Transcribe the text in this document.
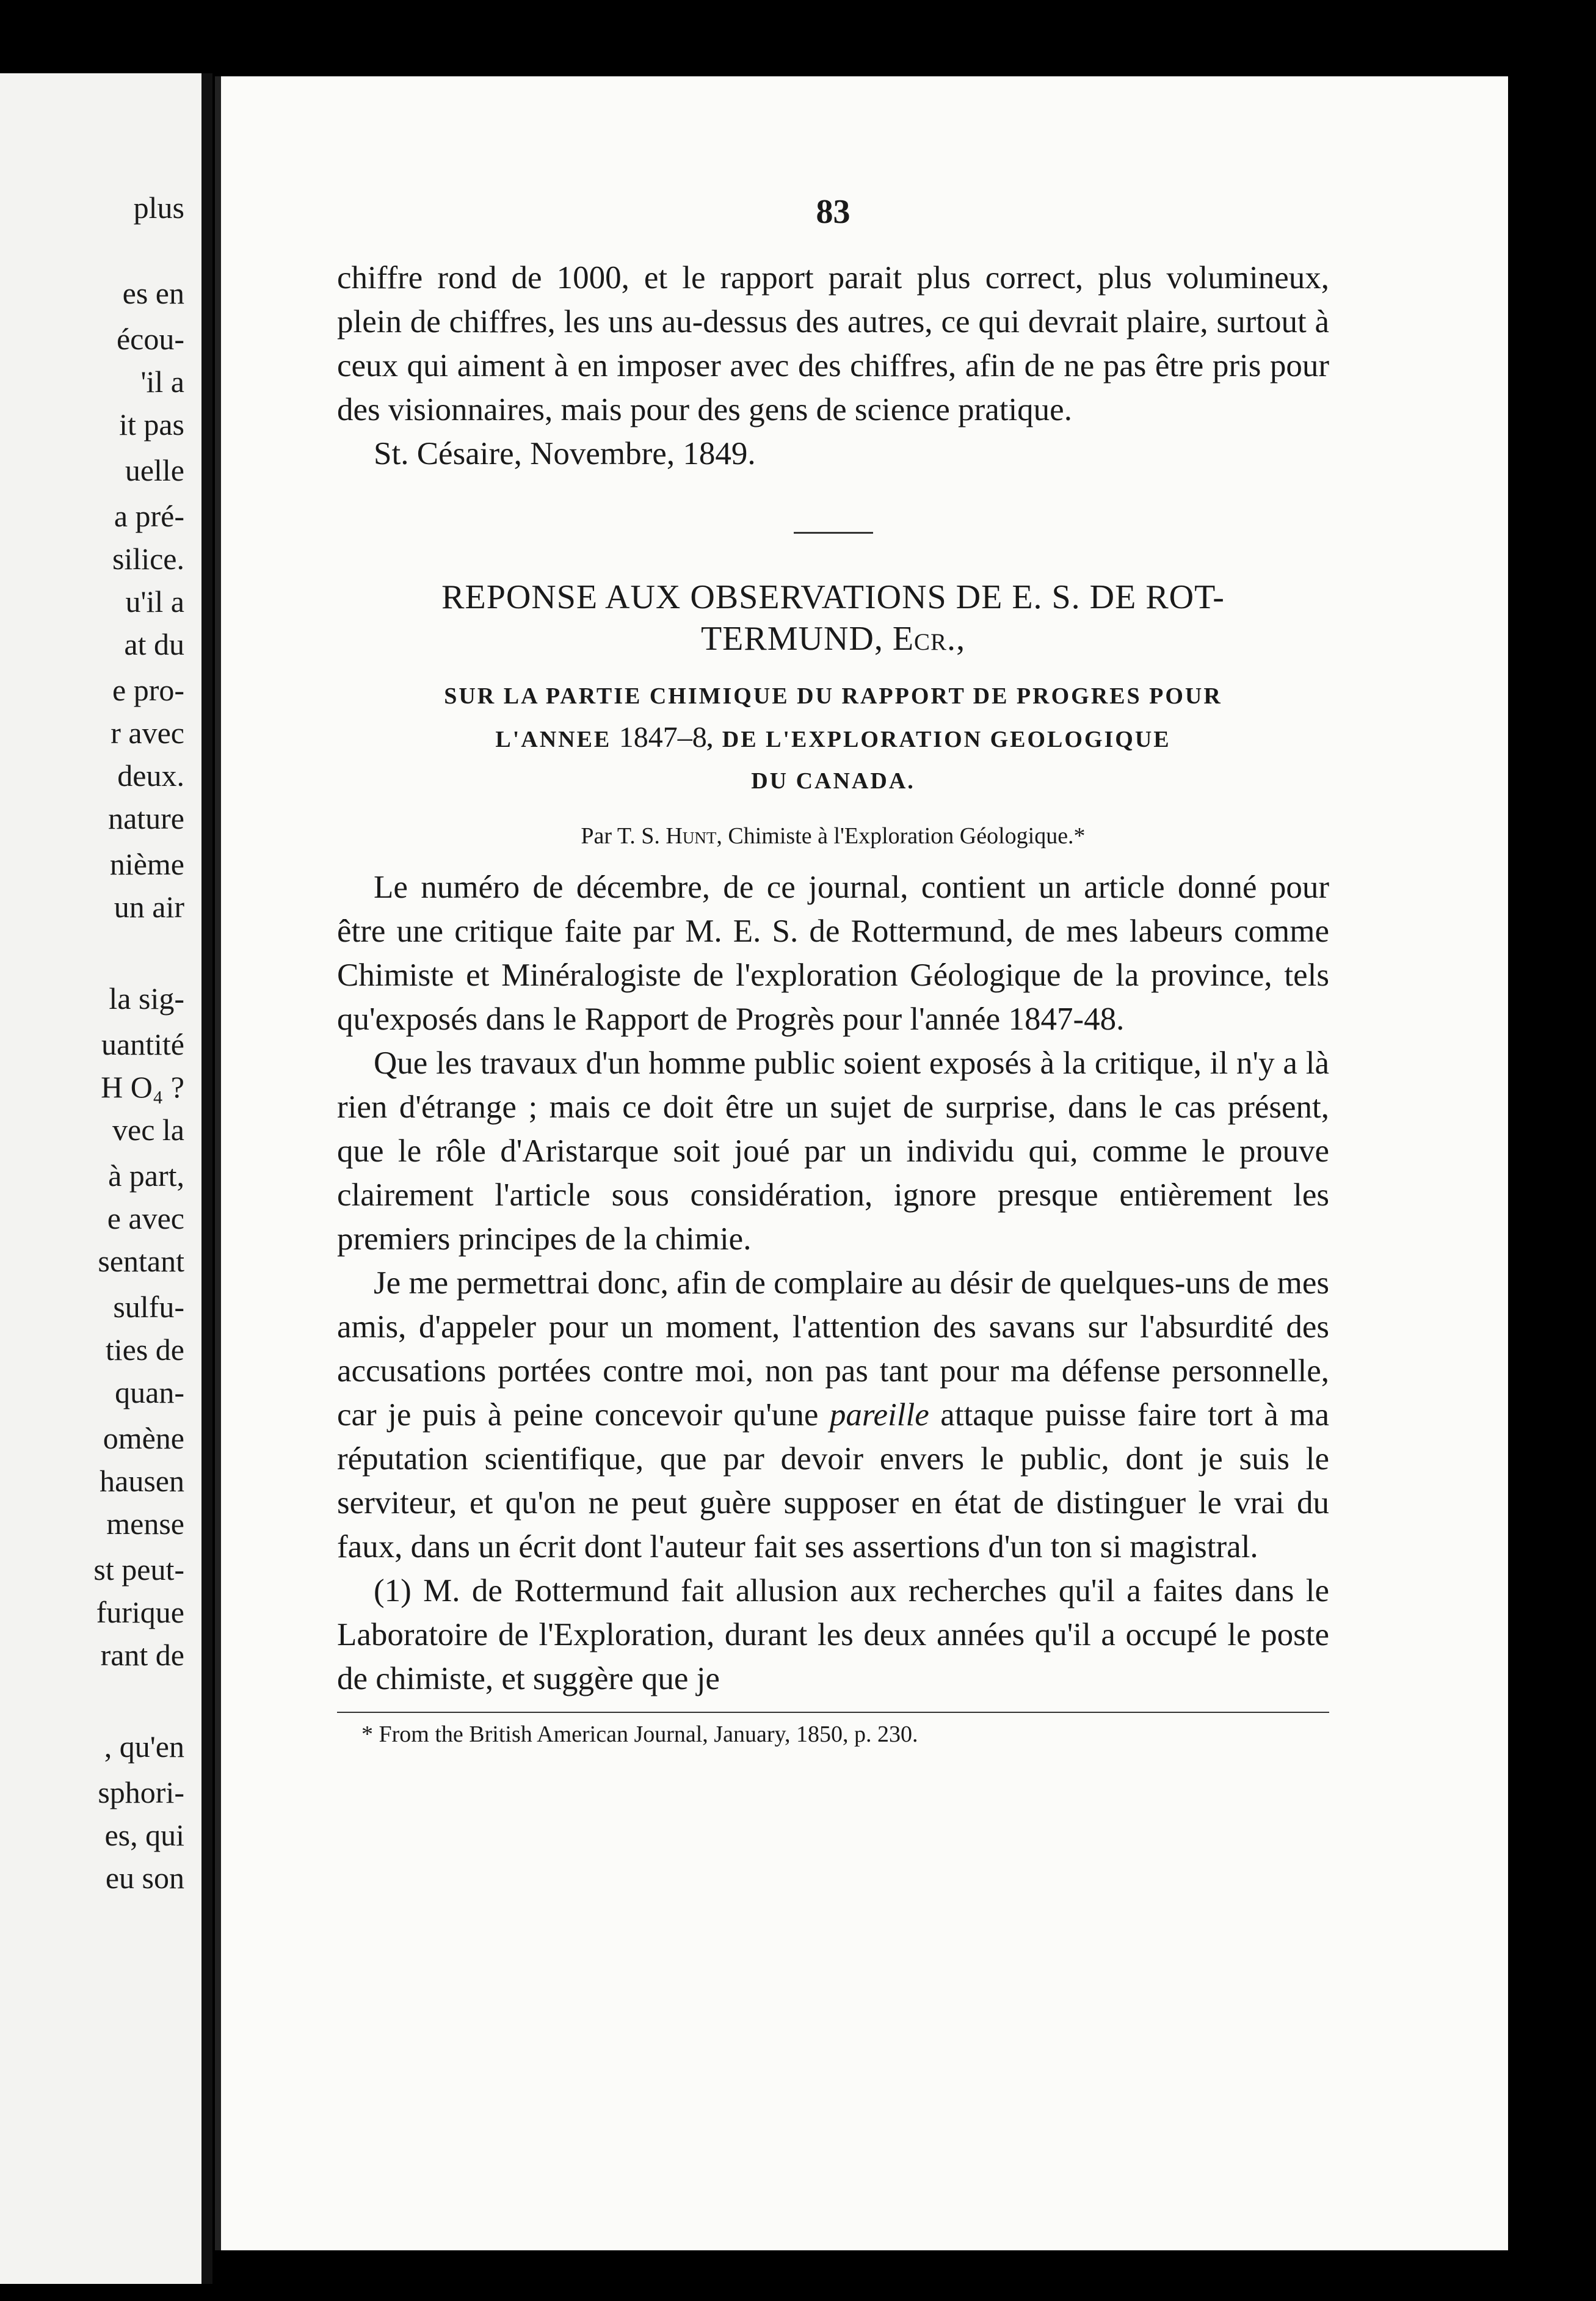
plus
es en
écou-
'il a
it pas
uelle
a pré-
silice.
u'il a
at du
e pro-
r avec
deux.
nature
nième
un air
la sig-
uantité
H O₄ ?
vec la
à part,
e avec
sentant
sulfu-
ties de
quan-
omène
hausen
mense
st peut-
furique
rant de
, qu'en
sphori-
es, qui
eu son
83

chiffre rond de 1000, et le rapport parait plus correct, plus volumineux, plein de chiffres, les uns au-dessus des autres, ce qui devrait plaire, surtout à ceux qui aiment à en imposer avec des chiffres, afin de ne pas être pris pour des visionnaires, mais pour des gens de science pratique.

St. Césaire, Novembre, 1849.

REPONSE AUX OBSERVATIONS DE E. S. DE ROT-
TERMUND, Ecr.,
SUR LA PARTIE CHIMIQUE DU RAPPORT DE PROGRES POUR
L'ANNEE 1847–8, DE L'EXPLORATION GEOLOGIQUE
DU CANADA.
Par T. S. Hunt, Chimiste à l'Exploration Géologique.*

Le numéro de décembre, de ce journal, contient un article donné pour être une critique faite par M. E. S. de Rottermund, de mes labeurs comme Chimiste et Minéralogiste de l'exploration Géologique de la province, tels qu'exposés dans le Rapport de Progrès pour l'année 1847-48.

Que les travaux d'un homme public soient exposés à la critique, il n'y a là rien d'étrange ; mais ce doit être un sujet de surprise, dans le cas présent, que le rôle d'Aristarque soit joué par un individu qui, comme le prouve clairement l'article sous considération, ignore presque entièrement les premiers principes de la chimie.

Je me permettrai donc, afin de complaire au désir de quelques-uns de mes amis, d'appeler pour un moment, l'attention des savans sur l'absurdité des accusations portées contre moi, non pas tant pour ma défense personnelle, car je puis à peine concevoir qu'une pareille attaque puisse faire tort à ma réputation scientifique, que par devoir envers le public, dont je suis le serviteur, et qu'on ne peut guère supposer en état de distinguer le vrai du faux, dans un écrit dont l'auteur fait ses assertions d'un ton si magistral.

(1) M. de Rottermund fait allusion aux recherches qu'il a faites dans le Laboratoire de l'Exploration, durant les deux années qu'il a occupé le poste de chimiste, et suggère que je

* From the British American Journal, January, 1850, p. 230.
